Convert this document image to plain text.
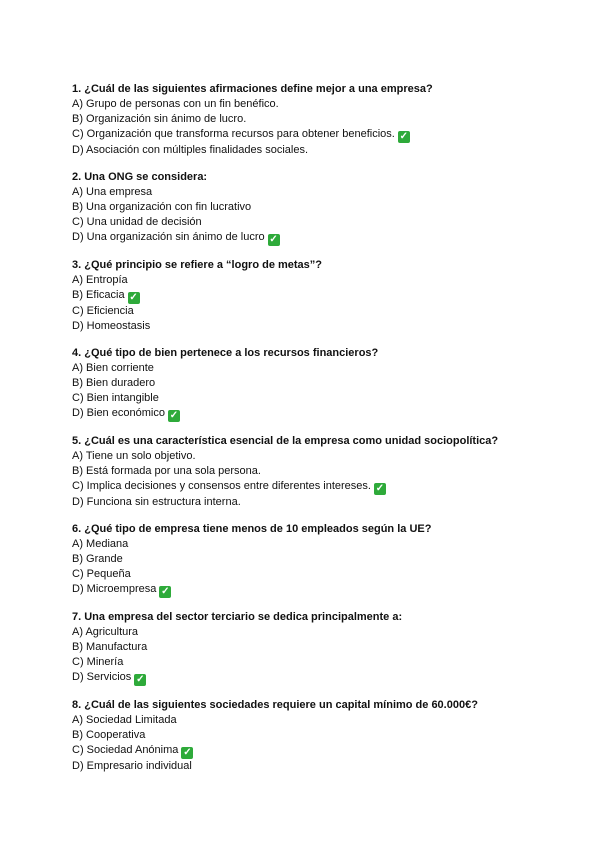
1. ¿Cuál de las siguientes afirmaciones define mejor a una empresa?
A) Grupo de personas con un fin benéfico.
B) Organización sin ánimo de lucro.
C) Organización que transforma recursos para obtener beneficios. ✓
D) Asociación con múltiples finalidades sociales.
2. Una ONG se considera:
A) Una empresa
B) Una organización con fin lucrativo
C) Una unidad de decisión
D) Una organización sin ánimo de lucro ✓
3. ¿Qué principio se refiere a “logro de metas”?
A) Entropía
B) Eficacia ✓
C) Eficiencia
D) Homeostasis
4. ¿Qué tipo de bien pertenece a los recursos financieros?
A) Bien corriente
B) Bien duradero
C) Bien intangible
D) Bien económico ✓
5. ¿Cuál es una característica esencial de la empresa como unidad sociopolítica?
A) Tiene un solo objetivo.
B) Está formada por una sola persona.
C) Implica decisiones y consensos entre diferentes intereses. ✓
D) Funciona sin estructura interna.
6. ¿Qué tipo de empresa tiene menos de 10 empleados según la UE?
A) Mediana
B) Grande
C) Pequeña
D) Microempresa ✓
7. Una empresa del sector terciario se dedica principalmente a:
A) Agricultura
B) Manufactura
C) Minería
D) Servicios ✓
8. ¿Cuál de las siguientes sociedades requiere un capital mínimo de 60.000€?
A) Sociedad Limitada
B) Cooperativa
C) Sociedad Anónima ✓
D) Empresario individual
